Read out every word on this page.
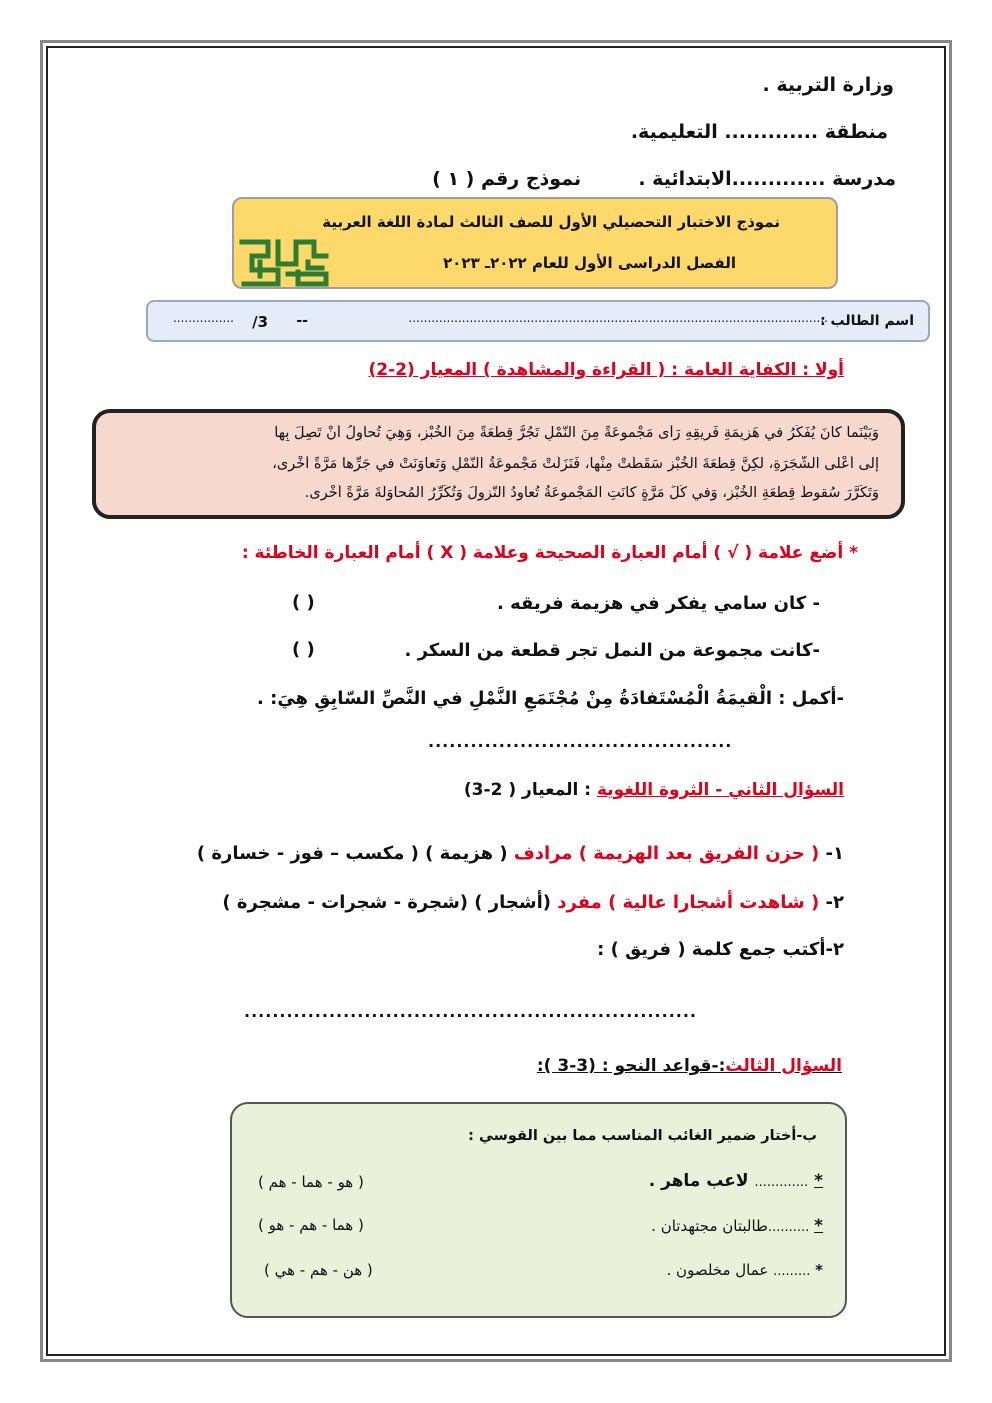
وزارة التربية .
منطقة ............. التعليمية.
مدرسة .............الابتدائية .  نموذج رقم ( ١ )
نموذج الاختبار التحصيلي الأول للصف الثالث لمادة اللغة العربية
الفصل الدراسى الأول للعام ٢٠٢٢ـ ٢٠٢٣
اسم الطالب :
..............................................................................................................
--
3/
................
أولا : الكفاية العامة : ( القراءة والمشاهدة ) المعيار (2-2)
وَبَيْنَما كانَ يُفَكِّرُ في هَزيمَةِ فَريقِهِ رَأى مَجْموعَةً مِنَ النَّمْلِ تَجُرُّ قِطْعَةً مِنَ الْخُبْزِ، وَهِيَ تُحاوِلُ أَنْ تَصِلَ بِها
إِلى أَعْلى الشَّجَرَةِ، لكِنَّ قِطْعَةَ الْخُبْزِ سَقَطَتْ مِنْها، فَنَزَلَتْ مَجْموعَةُ النَّمْلِ وَتَعاوَنَتْ في جَرِّها مَرَّةً أُخْرى،
وَتَكَرَّرَ سُقوطُ قِطْعَةِ الْخُبْزِ، وَفي كُلِّ مَرَّةٍ كانَتِ الْمَجْموعَةُ تُعاوِدُ النُّزولَ وَتُكَرِّرُ الْمُحاوَلَةَ مَرَّةً أُخْرى.
* أضع علامة ( √ ) أمام العبارة الصحيحة وعلامة ( X ) أمام العبارة الخاطئة :
- كان سامي يفكر في هزيمة فريقه .
( )
-كانت مجموعة من النمل تجر قطعة من السكر .
( )
-أكمل : الْقيمَةُ الْمُسْتَفادَةُ مِنْ مُجْتَمَعِ النَّمْلِ في النَّصِّ السّابِقِ هِيَ: .
...........................................
السؤال الثاني - الثروة اللغوية : المعيار ( 2-3)
١- ( حزن الفريق بعد الهزيمة ) مرادف ( هزيمة ) ( مكسب – فوز - خسارة )
٢- ( شاهدت أشجارا عالية ) مفرد (أشجار ) (شجرة - شجرات - مشجرة )
٢-أكتب جمع كلمة ( فريق ) :
................................................................
السؤال الثالث:-قواعد النحو : (3-3 ):
ب-أختار ضمير الغائب المناسب مما بين القوسي :
* ............. لاعب ماهر .
( هو - هما - هم )
* ..........طالبتان مجتهدتان .
( هما - هم - هو )
* ......... عمال مخلصون .
( هن - هم - هي )
